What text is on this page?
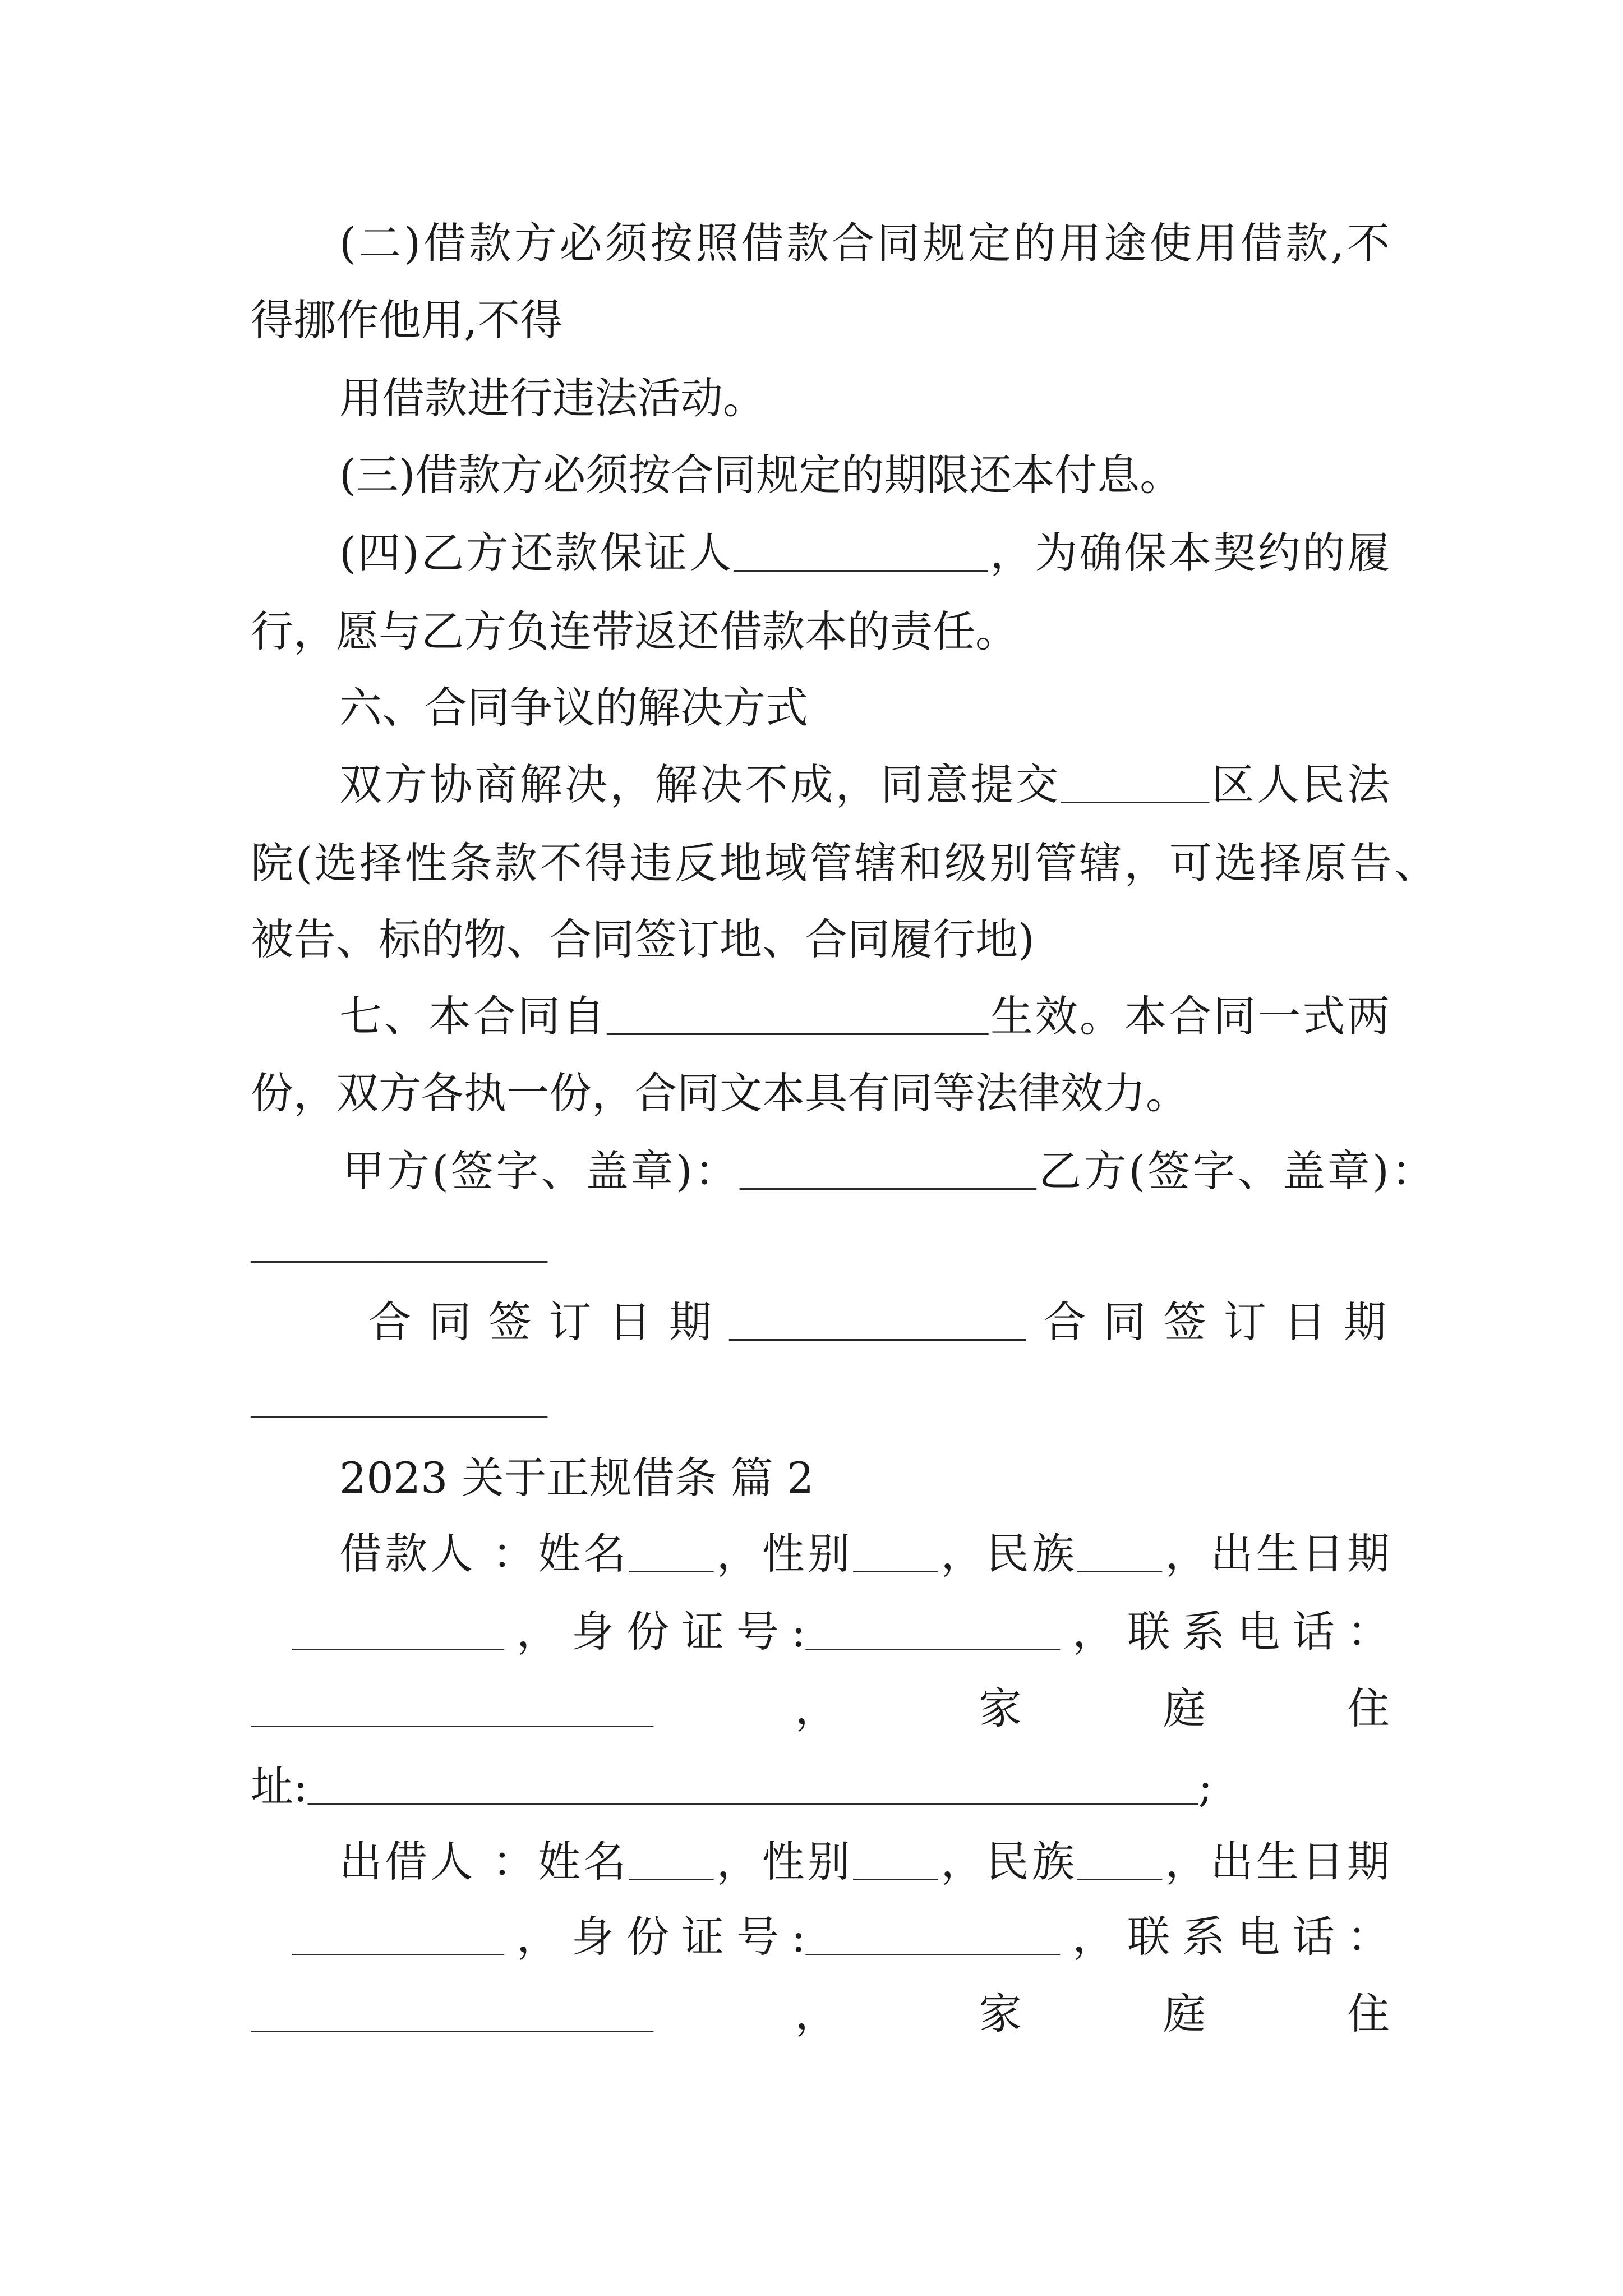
(二)借款方必须按照借款合同规定的用途使用借款,不
得挪作他用,不得
用借款进行违法活动。
(三)借款方必须按合同规定的期限还本付息。
(四)乙方还款保证人____________，为确保本契约的履
行，愿与乙方负连带返还借款本的责任。
六、合同争议的解决方式
双方协商解决，解决不成，同意提交_______区人民法
院(选择性条款不得违反地域管辖和级别管辖，可选择原告、
被告、标的物、合同签订地、合同履行地)
七、本合同自__________________生效。本合同一式两
份，双方各执一份，合同文本具有同等法律效力。
甲方(签字、盖章)：______________乙方(签字、盖章)：
______________
合同签订日期______________合同签订日期
______________
2023 关于正规借条 篇 2
借款人 ：姓名____，性别____，民族____，出生日期
__________，身份证号:____________，联系电话：
___________________	，	家	庭	住
址:__________________________________________;
出借人 ：姓名____，性别____，民族____，出生日期
__________，身份证号:____________，联系电话：
___________________	，	家	庭	住
